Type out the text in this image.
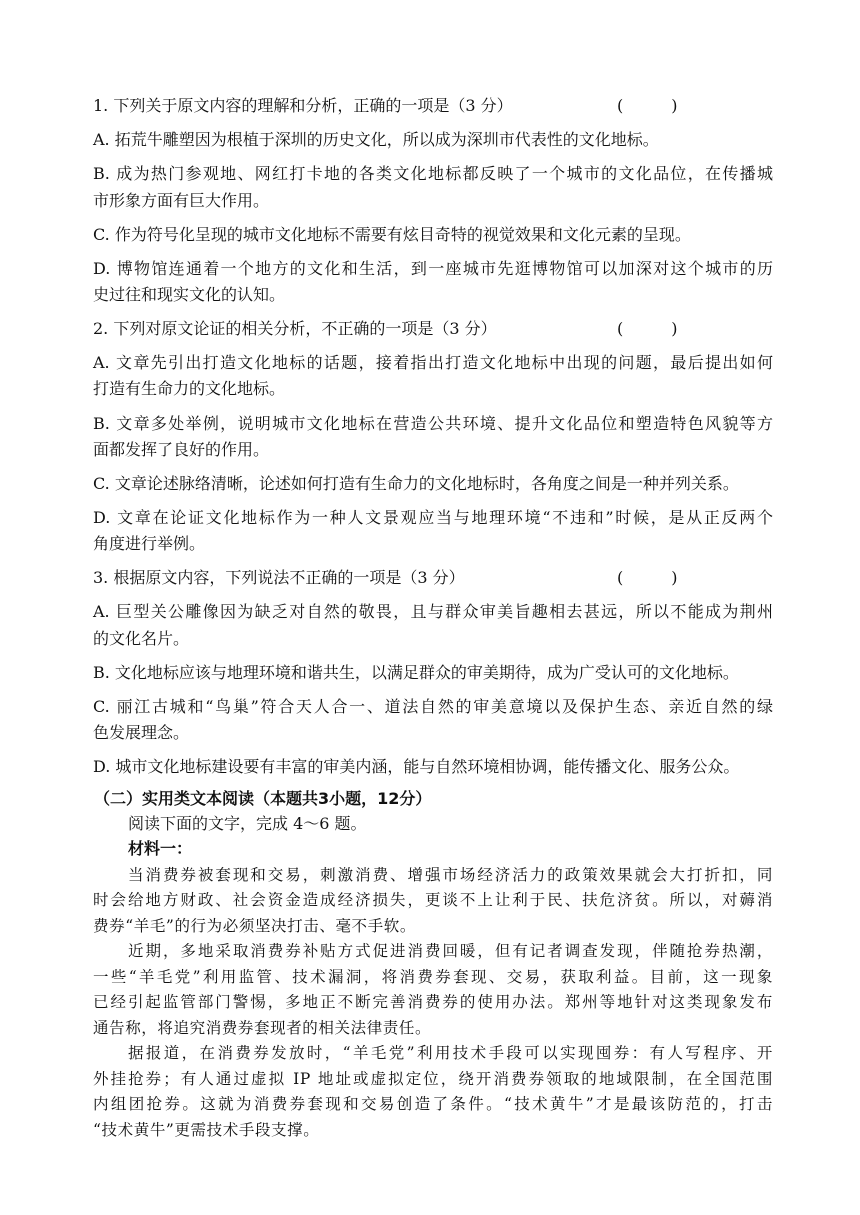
1. 下列关于原文内容的理解和分析，正确的一项是（3 分）	(　　　)
A. 拓荒牛雕塑因为根植于深圳的历史文化，所以成为深圳市代表性的文化地标。
B. 成为热门参观地、网红打卡地的各类文化地标都反映了一个城市的文化品位，在传播城
市形象方面有巨大作用。
C. 作为符号化呈现的城市文化地标不需要有炫目奇特的视觉效果和文化元素的呈现。
D. 博物馆连通着一个地方的文化和生活，到一座城市先逛博物馆可以加深对这个城市的历
史过往和现实文化的认知。
2. 下列对原文论证的相关分析，不正确的一项是（3 分）	(　　　)
A. 文章先引出打造文化地标的话题，接着指出打造文化地标中出现的问题，最后提出如何
打造有生命力的文化地标。
B. 文章多处举例，说明城市文化地标在营造公共环境、提升文化品位和塑造特色风貌等方
面都发挥了良好的作用。
C. 文章论述脉络清晰，论述如何打造有生命力的文化地标时，各角度之间是一种并列关系。
D. 文章在论证文化地标作为一种人文景观应当与地理环境“不违和”时候，是从正反两个
角度进行举例。
3. 根据原文内容，下列说法不正确的一项是（3 分）	(　　　)
A. 巨型关公雕像因为缺乏对自然的敬畏，且与群众审美旨趣相去甚远，所以不能成为荆州
的文化名片。
B. 文化地标应该与地理环境和谐共生，以满足群众的审美期待，成为广受认可的文化地标。
C. 丽江古城和“鸟巢”符合天人合一、道法自然的审美意境以及保护生态、亲近自然的绿
色发展理念。
D. 城市文化地标建设要有丰富的审美内涵，能与自然环境相协调，能传播文化、服务公众。
（二）实用类文本阅读（本题共3小题，12分）
阅读下面的文字，完成 4～6 题。
材料一：
当消费券被套现和交易，刺激消费、增强市场经济活力的政策效果就会大打折扣，同
时会给地方财政、社会资金造成经济损失，更谈不上让利于民、扶危济贫。所以，对薅消
费券“羊毛”的行为必须坚决打击、毫不手软。
近期，多地采取消费券补贴方式促进消费回暖，但有记者调查发现，伴随抢券热潮，
一些“羊毛党”利用监管、技术漏洞，将消费券套现、交易，获取利益。目前，这一现象
已经引起监管部门警惕，多地正不断完善消费券的使用办法。郑州等地针对这类现象发布
通告称，将追究消费券套现者的相关法律责任。
据报道，在消费券发放时，“羊毛党”利用技术手段可以实现囤券：有人写程序、开
外挂抢券；有人通过虚拟 IP 地址或虚拟定位，绕开消费券领取的地域限制，在全国范围
内组团抢券。这就为消费券套现和交易创造了条件。“技术黄牛”才是最该防范的，打击
“技术黄牛”更需技术手段支撑。
